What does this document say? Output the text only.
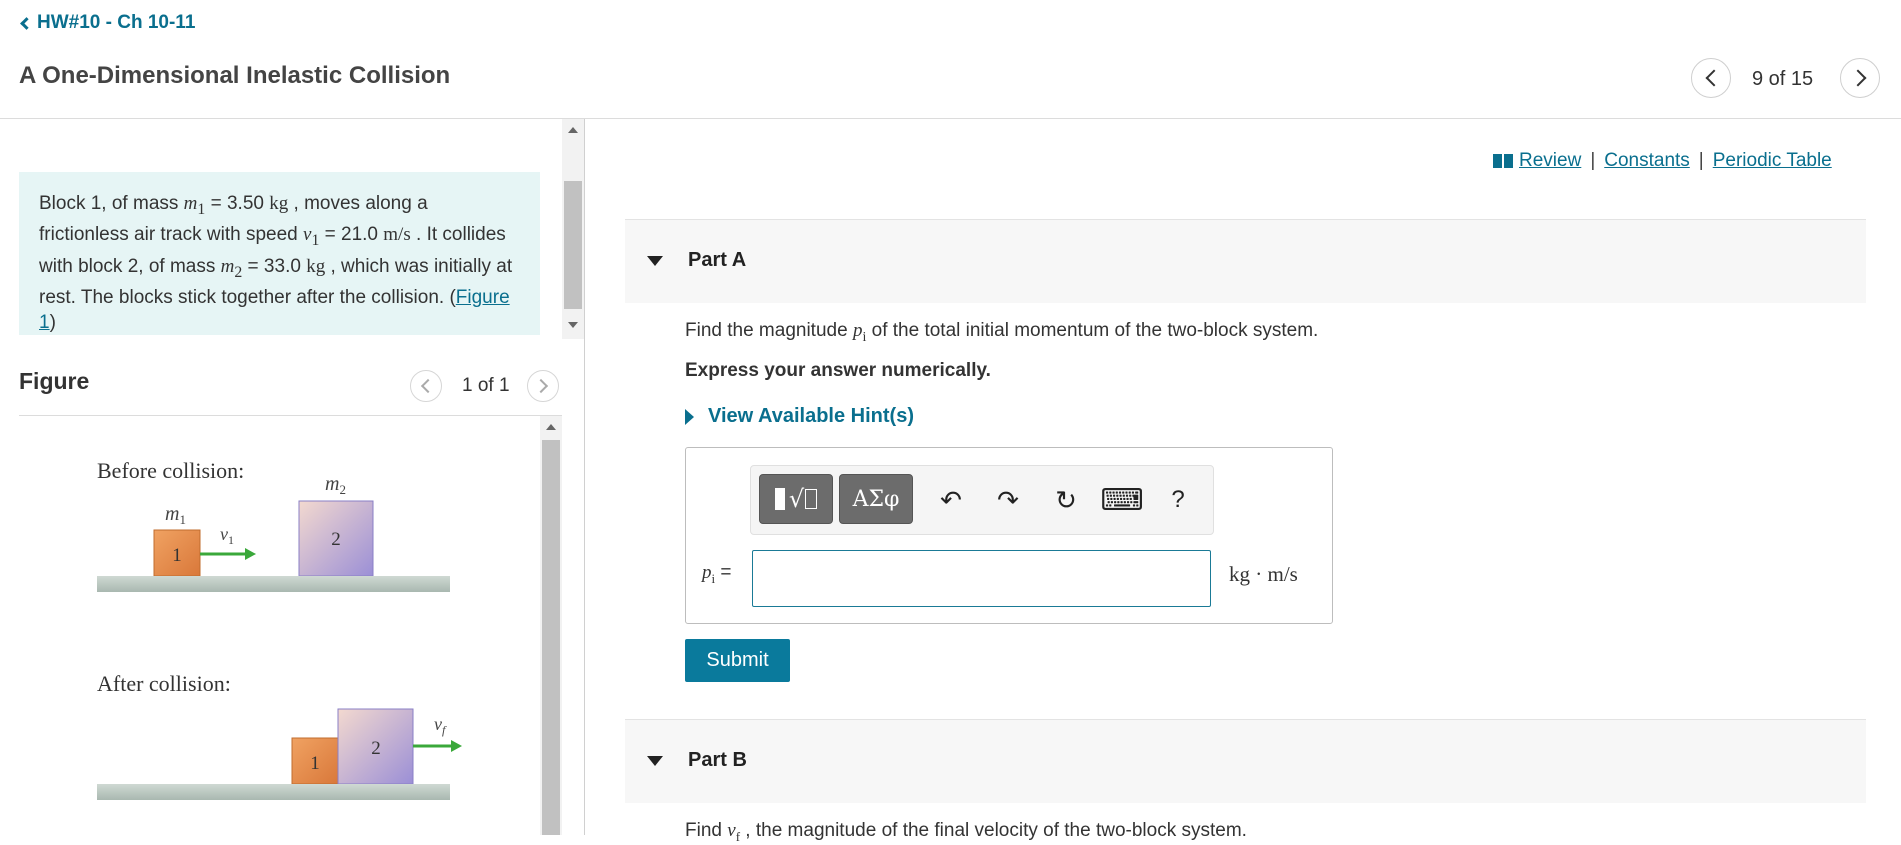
HW#10 - Ch 10-11
A One-Dimensional Inelastic Collision	9 of 15
Block 1, of mass $m_1 = 3.50$ kg , moves along a frictionless air track with speed $v_1 = 21.0$ m/s . It collides with block 2, of mass $m_2 = 33.0$ kg , which was initially at rest. The blocks stick together after the collision. (Figure 1)
Figure	1 of 1
Before collision:
$m_2$
$m_1$
$v_1$
1
2
After collision:
1
2
$v_f$
Review | Constants | Periodic Table
Part A
Find the magnitude $p_i$ of the total initial momentum of the two-block system.
Express your answer numerically.
View Available Hint(s)
√	ΑΣφ	↶ ↷ ↻ ⌨	?
$p_i$ =	kg · m/s
Submit
Part B
Find $v_f$ , the magnitude of the final velocity of the two-block system.
